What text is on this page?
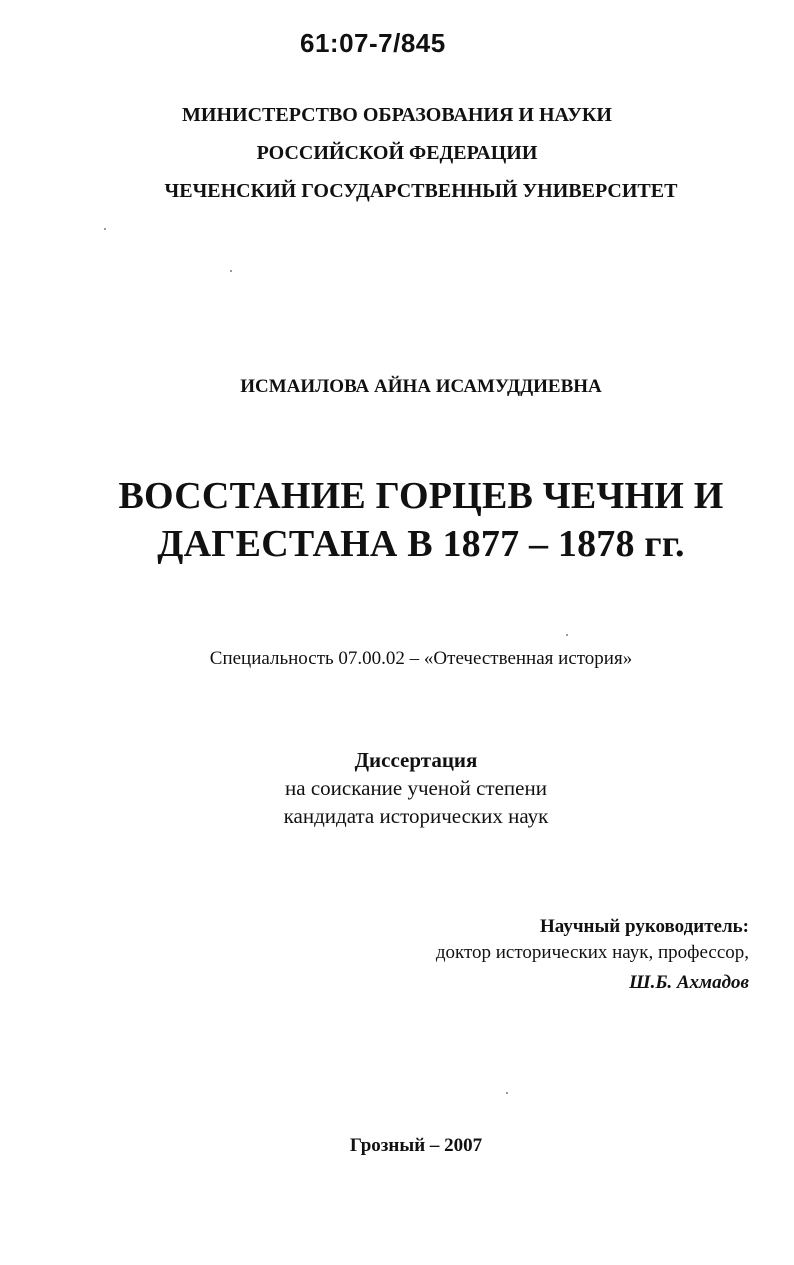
61:07-7/845
МИНИСТЕРСТВО ОБРАЗОВАНИЯ И НАУКИ
РОССИЙСКОЙ ФЕДЕРАЦИИ
ЧЕЧЕНСКИЙ ГОСУДАРСТВЕННЫЙ УНИВЕРСИТЕТ
ИСМАИЛОВА АЙНА ИСАМУДДИЕВНА
ВОССТАНИЕ ГОРЦЕВ ЧЕЧНИ И
ДАГЕСТАНА В 1877 – 1878 гг.
Специальность 07.00.02 – «Отечественная история»
Диссертация
на соискание ученой степени
кандидата исторических наук
Научный руководитель:
доктор исторических наук, профессор,
Ш.Б. Ахмадов
Грозный – 2007
